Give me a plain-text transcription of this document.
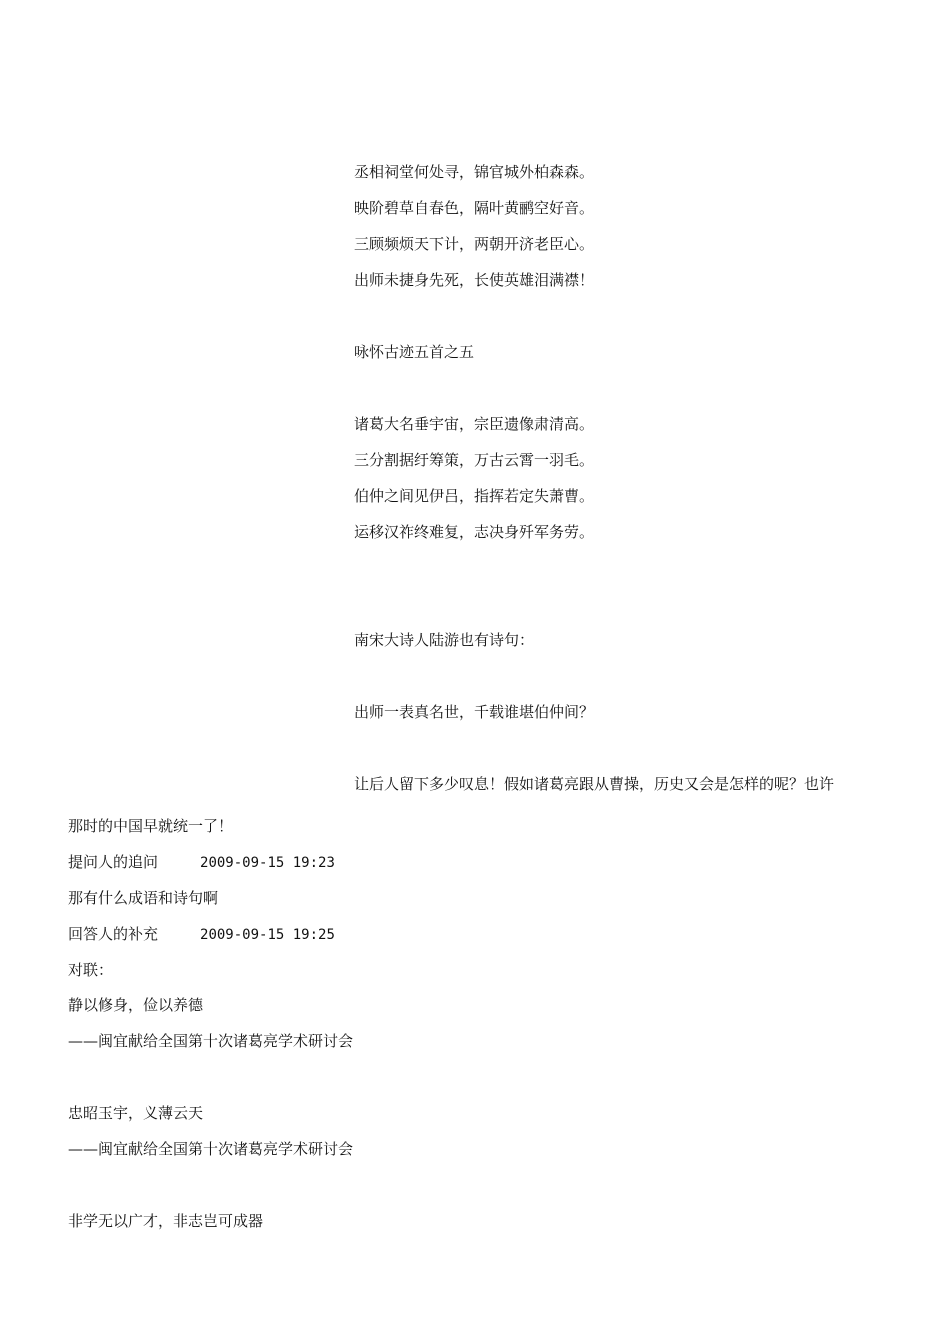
丞相祠堂何处寻，锦官城外柏森森。
映阶碧草自春色，隔叶黄鹂空好音。
三顾频烦天下计，两朝开济老臣心。
出师未捷身先死，长使英雄泪满襟！
咏怀古迹五首之五
诸葛大名垂宇宙，宗臣遗像肃清高。
三分割据纡筹策，万古云霄一羽毛。
伯仲之间见伊吕，指挥若定失萧曹。
运移汉祚终难复，志决身歼军务劳。
南宋大诗人陆游也有诗句：
出师一表真名世，千载谁堪伯仲间？
让后人留下多少叹息！假如诸葛亮跟从曹操，历史又会是怎样的呢？也许
那时的中国早就统一了！
提问人的追问	2009-09-15 19:23
那有什么成语和诗句啊
回答人的补充	2009-09-15 19:25
对联：
静以修身，俭以养德
——闽宜献给全国第十次诸葛亮学术研讨会
忠昭玉宇，义薄云天
——闽宜献给全国第十次诸葛亮学术研讨会
非学无以广才，非志岂可成器
